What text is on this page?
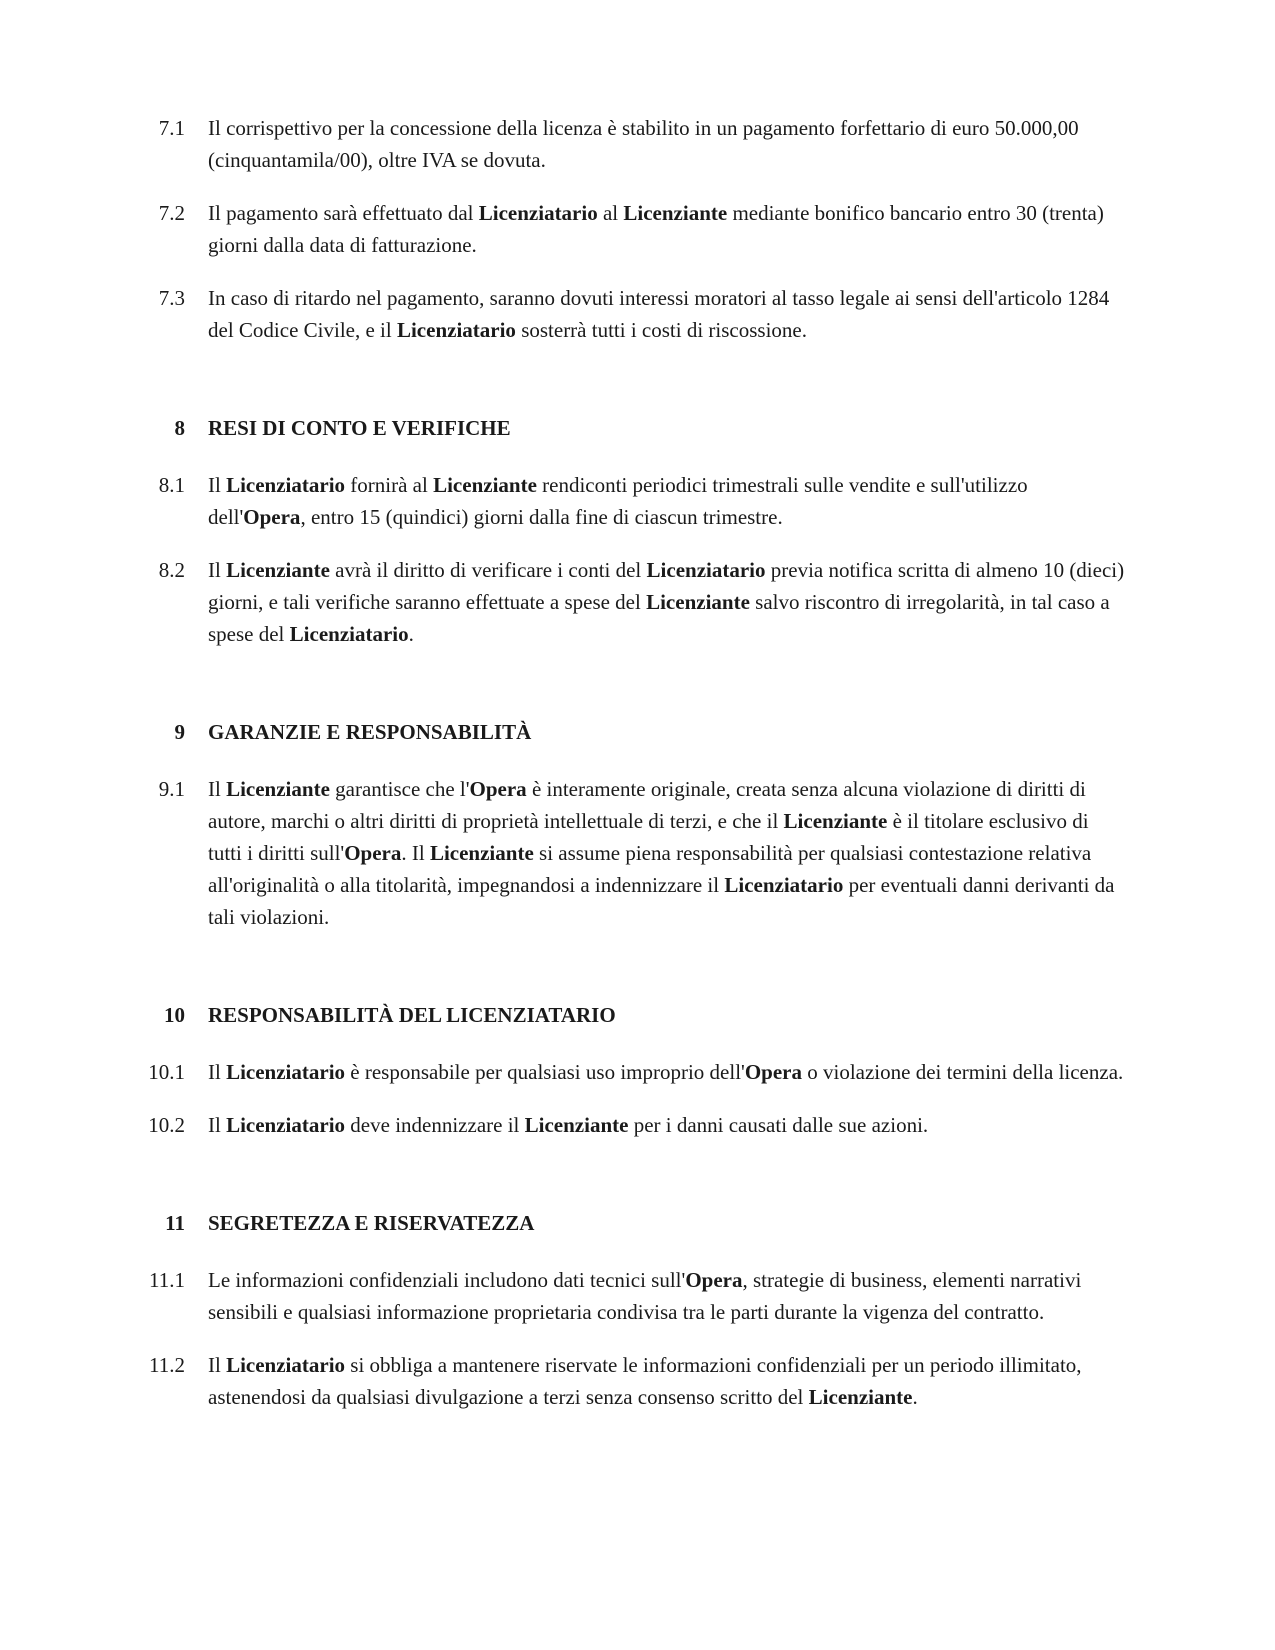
7.1 Il corrispettivo per la concessione della licenza è stabilito in un pagamento forfettario di euro 50.000,00 (cinquantamila/00), oltre IVA se dovuta.
7.2 Il pagamento sarà effettuato dal Licenziatario al Licenziante mediante bonifico bancario entro 30 (trenta) giorni dalla data di fatturazione.
7.3 In caso di ritardo nel pagamento, saranno dovuti interessi moratori al tasso legale ai sensi dell'articolo 1284 del Codice Civile, e il Licenziatario sosterrà tutti i costi di riscossione.
8 RESI DI CONTO E VERIFICHE
8.1 Il Licenziatario fornirà al Licenziante rendiconti periodici trimestrali sulle vendite e sull'utilizzo dell'Opera, entro 15 (quindici) giorni dalla fine di ciascun trimestre.
8.2 Il Licenziante avrà il diritto di verificare i conti del Licenziatario previa notifica scritta di almeno 10 (dieci) giorni, e tali verifiche saranno effettuate a spese del Licenziante salvo riscontro di irregolarità, in tal caso a spese del Licenziatario.
9 GARANZIE E RESPONSABILITÀ
9.1 Il Licenziante garantisce che l'Opera è interamente originale, creata senza alcuna violazione di diritti di autore, marchi o altri diritti di proprietà intellettuale di terzi, e che il Licenziante è il titolare esclusivo di tutti i diritti sull'Opera. Il Licenziante si assume piena responsabilità per qualsiasi contestazione relativa all'originalità o alla titolarità, impegnandosi a indennizzare il Licenziatario per eventuali danni derivanti da tali violazioni.
10 RESPONSABILITÀ DEL LICENZIATARIO
10.1 Il Licenziatario è responsabile per qualsiasi uso improprio dell'Opera o violazione dei termini della licenza.
10.2 Il Licenziatario deve indennizzare il Licenziante per i danni causati dalle sue azioni.
11 SEGRETEZZA E RISERVATEZZA
11.1 Le informazioni confidenziali includono dati tecnici sull'Opera, strategie di business, elementi narrativi sensibili e qualsiasi informazione proprietaria condivisa tra le parti durante la vigenza del contratto.
11.2 Il Licenziatario si obbliga a mantenere riservate le informazioni confidenziali per un periodo illimitato, astenendosi da qualsiasi divulgazione a terzi senza consenso scritto del Licenziante.
